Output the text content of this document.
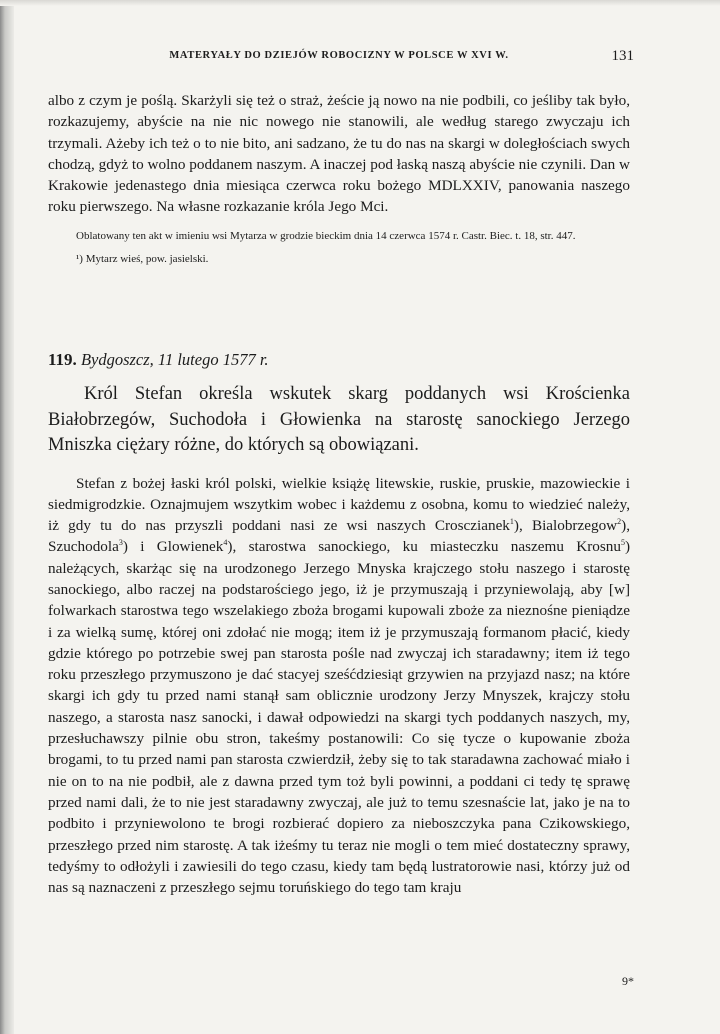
MATERYAŁY DO DZIEJÓW ROBOCIZNY W POLSCE W XVI W.	131

albo z czym je poślą. Skarżyli się też o straż, żeście ją nowo na nie podbili, co jeśliby tak było, rozkazujemy, abyście na nie nic nowego nie stanowili, ale według starego zwyczaju ich trzymali. Ażeby ich też o to nie bito, ani sadzano, że tu do nas na skargi w doległościach swych chodzą, gdyż to wolno poddanem naszym. A inaczej pod łaską naszą abyście nie czynili. Dan w Krakowie jedenastego dnia miesiąca czerwca roku bożego MDLXXIV, panowania naszego roku pierwszego. Na własne rozkazanie króla Jego Mci.

Oblatowany ten akt w imieniu wsi Mytarza w grodzie bieckim dnia 14 czerwca 1574 r. Castr. Biec. t. 18, str. 447.

¹) Mytarz wieś, pow. jasielski.

119. Bydgoszcz, 11 lutego 1577 r.

Król Stefan określa wskutek skarg poddanych wsi Krościenka Białobrzegów, Suchodoła i Głowienka na starostę sanockiego Jerzego Mniszka ciężary różne, do których są obowiązani.

Stefan z bożej łaski król polski, wielkie książę litewskie, ruskie, pruskie, mazowieckie i siedmigrodzkie. Oznajmujem wszytkim wobec i każdemu z osobna, komu to wiedzieć należy, iż gdy tu do nas przyszli poddani nasi ze wsi naszych Crosczianek$^1$), Bialobrzegow$^2$), Szuchodola$^3$) i Glowienek$^4$), starostwa sanockiego, ku miasteczku naszemu Krosnu$^5$) należących, skarżąc się na urodzonego Jerzego Mnyska krajczego stołu naszego i starostę sanockiego, albo raczej na podstarościego jego, iż je przymuszają i przyniewolają, aby [w] folwarkach starostwa tego wszelakiego zboża brogami kupowali zboże za nieznośne pieniądze i za wielką sumę, której oni zdołać nie mogą; item iż je przymuszają formanom płacić, kiedy gdzie którego po potrzebie swej pan starosta pośle nad zwyczaj ich staradawny; item iż tego roku przeszłego przymuszono je dać stacyej sześćdziesiąt grzywien na przyjazd nasz; na które skargi ich gdy tu przed nami stanął sam oblicznie urodzony Jerzy Mnyszek, krajczy stołu naszego, a starosta nasz sanocki, i dawał odpowiedzi na skargi tych poddanych naszych, my, przesłuchawszy pilnie obu stron, takeśmy postanowili: Co się tycze o kupowanie zboża brogami, to tu przed nami pan starosta czwierdził, żeby się to tak staradawna zachować miało i nie on to na nie podbił, ale z dawna przed tym toż byli powinni, a poddani ci tedy tę sprawę przed nami dali, że to nie jest staradawny zwyczaj, ale już to temu szesnaście lat, jako je na to podbito i przyniewolono te brogi rozbierać dopiero za nieboszczyka pana Czikowskiego, przeszłego przed nim starostę. A tak iżeśmy tu teraz nie mogli o tem mieć dostateczny sprawy, tedyśmy to odłożyli i zawiesili do tego czasu, kiedy tam będą lustratorowie nasi, którzy już od nas są naznaczeni z przeszłego sejmu toruńskiego do tego tam kraju

9*
